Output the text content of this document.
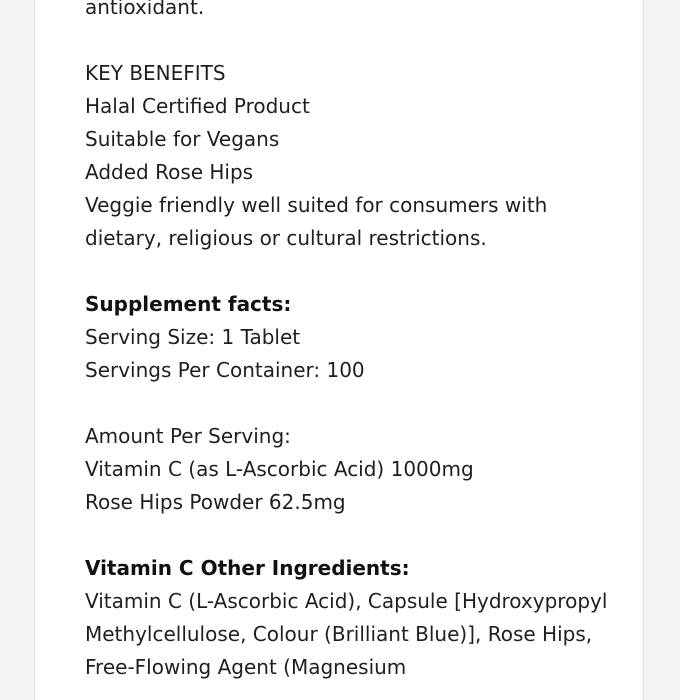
antioxidant.
KEY BENEFITS
Halal Certified Product
Suitable for Vegans
Added Rose Hips
Veggie friendly well suited for consumers with dietary, religious or cultural restrictions.
Supplement facts:
Serving Size: 1 Tablet
Servings Per Container: 100
Amount Per Serving:
Vitamin C (as L-Ascorbic Acid) 1000mg
Rose Hips Powder 62.5mg
Vitamin C Other Ingredients:
Vitamin C (L-Ascorbic Acid), Capsule [Hydroxypropyl Methylcellulose, Colour (Brilliant Blue)], Rose Hips, Free-Flowing Agent (Magnesium
